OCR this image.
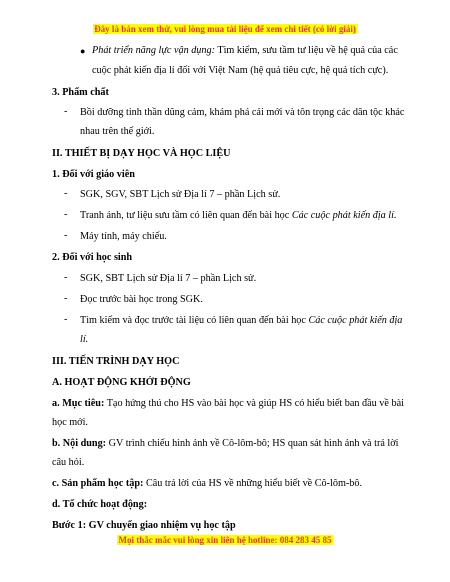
Đây là bản xem thử, vui lòng mua tài liệu để xem chi tiết (có lời giải)
● Phát triển năng lực vận dụng: Tìm kiếm, sưu tầm tư liệu về hệ quả của các
cuộc phát kiến địa lí đối với Việt Nam (hệ quả tiêu cực, hệ quả tích cực).
3. Phẩm chất
- Bồi dưỡng tinh thần dũng cảm, khám phá cái mới và tôn trọng các dân tộc khác
nhau trên thế giới.
II. THIẾT BỊ DẠY HỌC VÀ HỌC LIỆU
1. Đối với giáo viên
- SGK, SGV, SBT Lịch sử Địa lí 7 – phần Lịch sử.
- Tranh ảnh, tư liệu sưu tầm có liên quan đến bài học Các cuộc phát kiến địa lí.
- Máy tính, máy chiếu.
2. Đối với học sinh
- SGK, SBT Lịch sử Địa lí 7 – phần Lịch sử.
- Đọc trước bài học trong SGK.
- Tìm kiếm và đọc trước tài liệu có liên quan đến bài học Các cuộc phát kiến địa
lí.
III. TIẾN TRÌNH DẠY HỌC
A. HOẠT ĐỘNG KHỞI ĐỘNG
a. Mục tiêu: Tạo hứng thú cho HS vào bài học và giúp HS có hiểu biết ban đầu về bài
học mới.
b. Nội dung: GV trình chiếu hình ảnh về Cô-lôm-bô; HS quan sát hình ảnh và trả lời
câu hỏi.
c. Sản phẩm học tập: Câu trả lời của HS về những hiểu biết về Cô-lôm-bô.
d. Tổ chức hoạt động:
Bước 1: GV chuyển giao nhiệm vụ học tập
Mọi thắc mắc vui lòng xin liên hệ hotline: 084 283 45 85
